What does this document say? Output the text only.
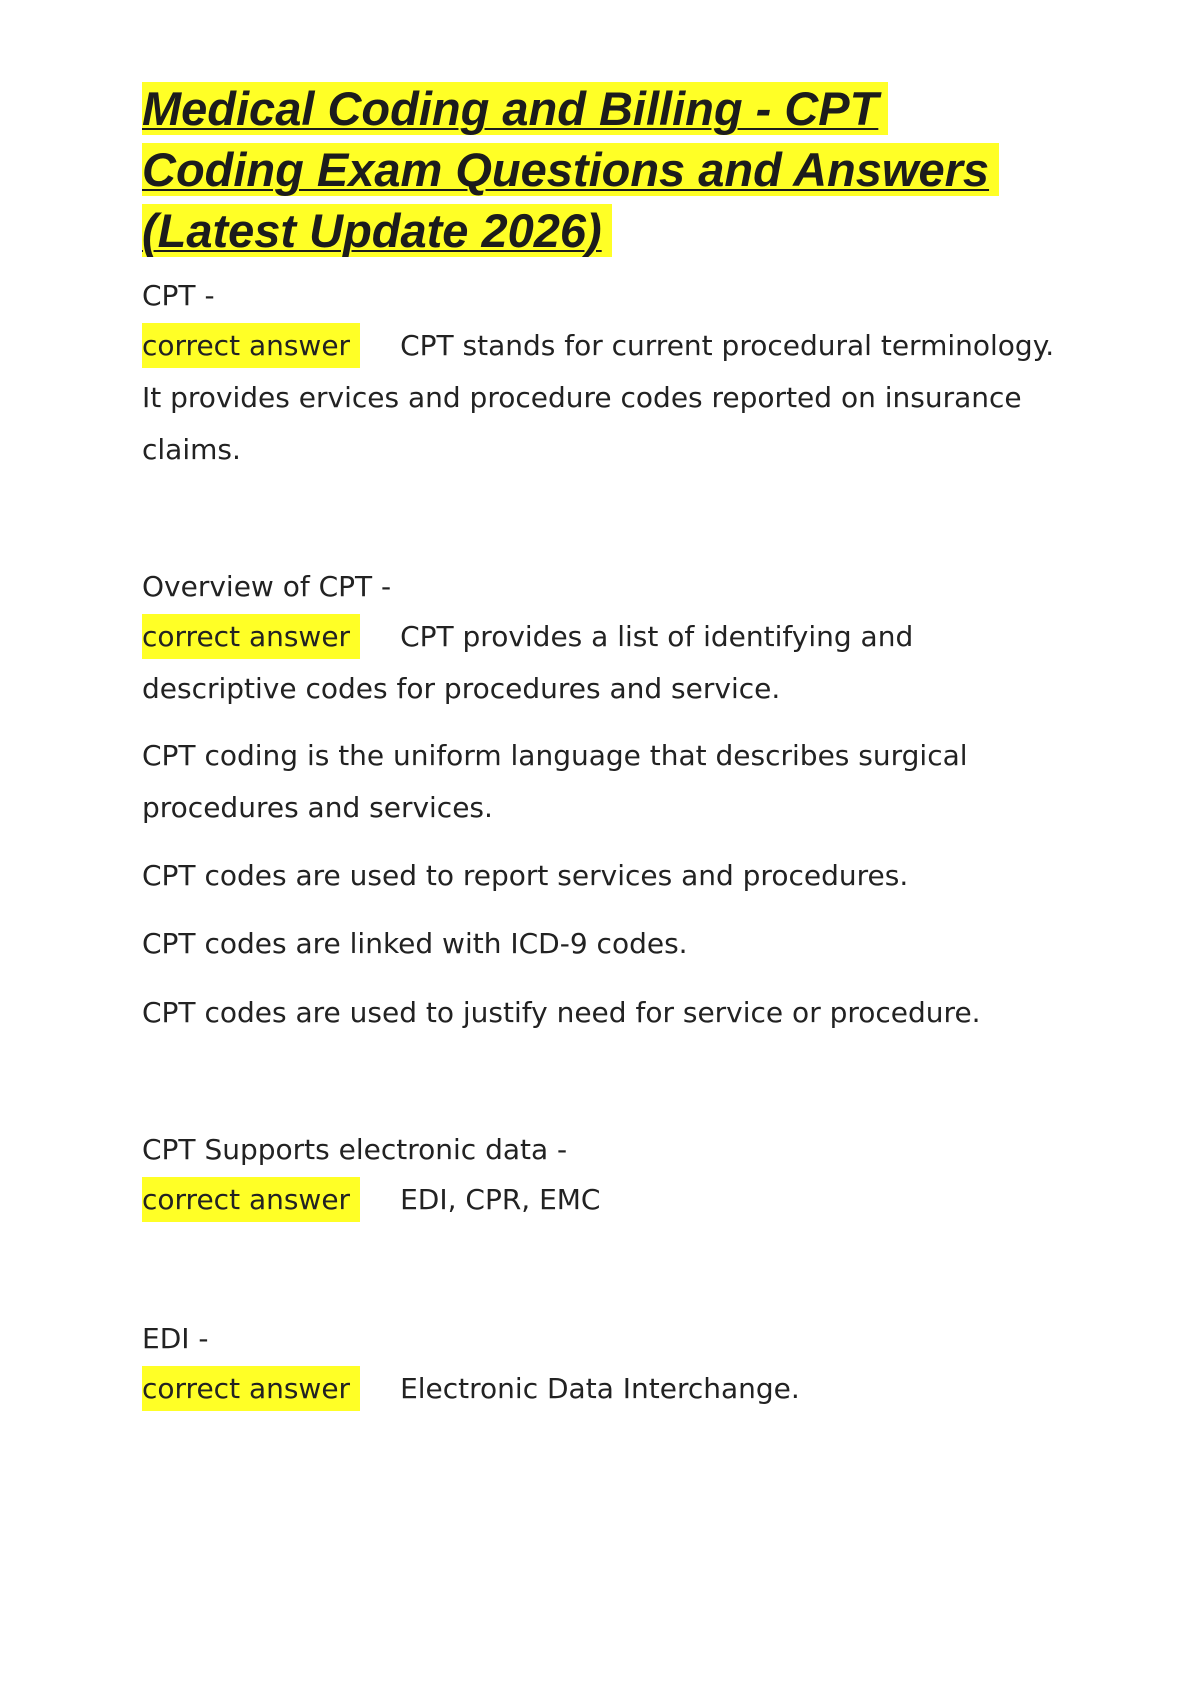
Medical Coding and Billing - CPT Coding Exam Questions and Answers (Latest Update 2026)

CPT -

correct answer CPT stands for current procedural terminology. It provides ervices and procedure codes reported on insurance claims.

Overview of CPT -

correct answer CPT provides a list of identifying and descriptive codes for procedures and service.

CPT coding is the uniform language that describes surgical procedures and services.

CPT codes are used to report services and procedures.

CPT codes are linked with ICD-9 codes.

CPT codes are used to justify need for service or procedure.

CPT Supports electronic data -

correct answer EDI, CPR, EMC

EDI -

correct answer Electronic Data Interchange.
